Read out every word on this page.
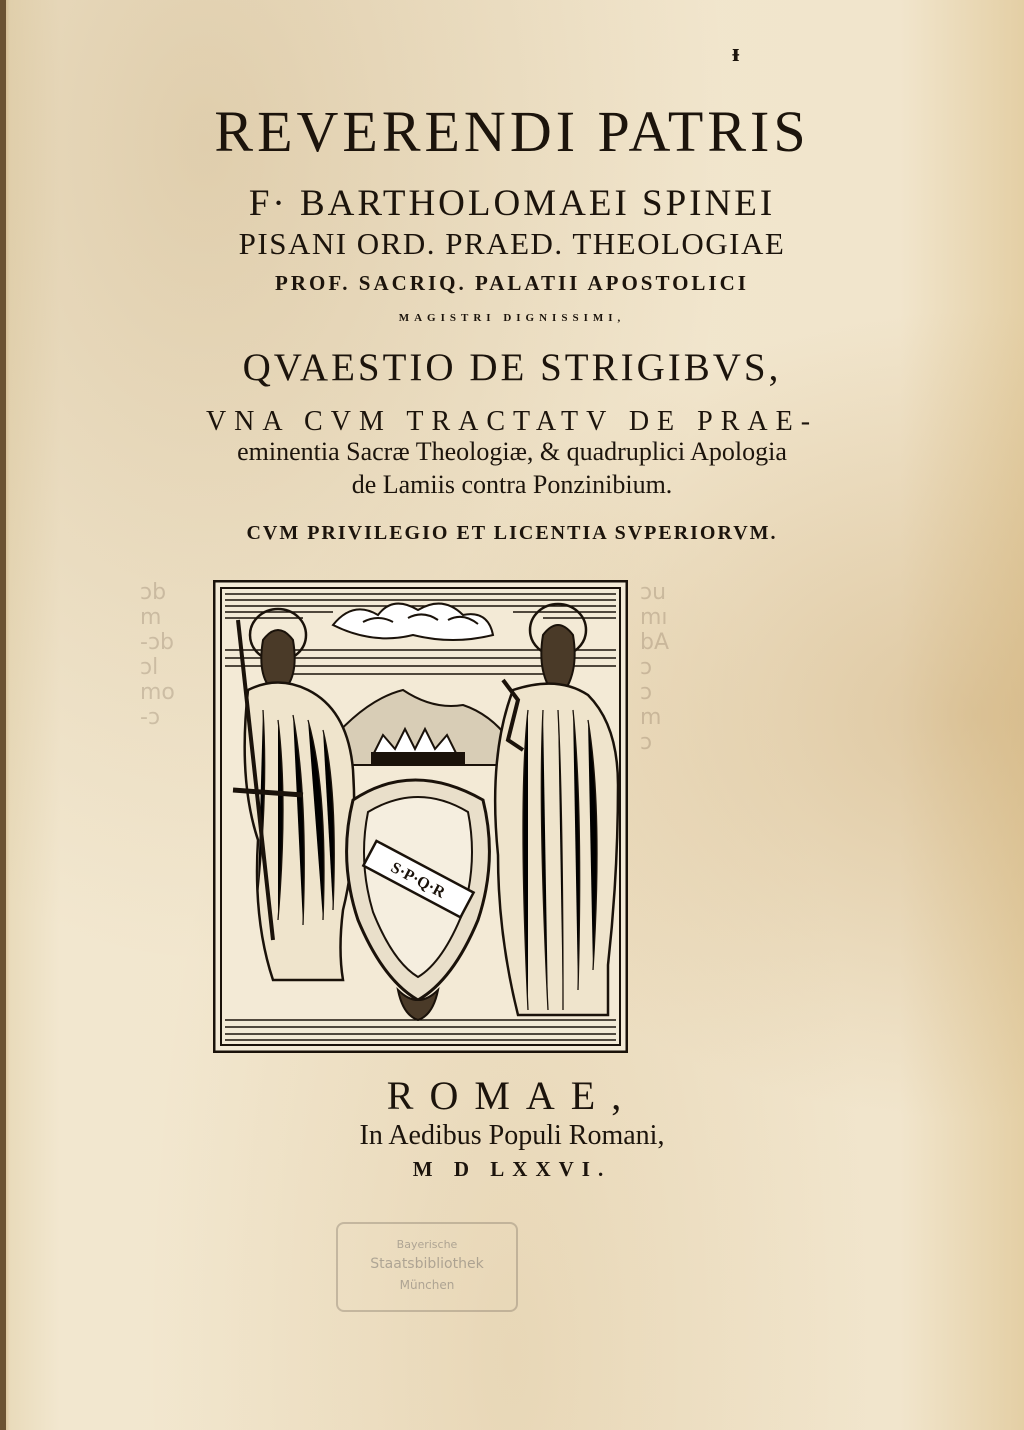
ᵻ
REVERENDI PATRIS
F· BARTHOLOMAEI SPINEI
PISANI ORD. PRAED. THEOLOGIAE
PROF. SACRIQ. PALATII APOSTOLICI
MAGISTRI DIGNISSIMI,
QVAESTIO DE STRIGIBVS,
VNA CVM TRACTATV DE PRAE-
eminentia Sacræ Theologiæ, & quadruplici Apologia
de Lamiis contra Ponzinibium.
CVM PRIVILEGIO ET LICENTIA SVPERIORVM.
ɔb
m
-ɔb
ɔl
mo
-ɔ
ɔu
mı
bA
ɔ
ɔ
m
ɔ
S·P·Q·R
ROMAE,
In Aedibus Populi Romani,
M D LXXVI.
Bayerische
Staatsbibliothek
München
